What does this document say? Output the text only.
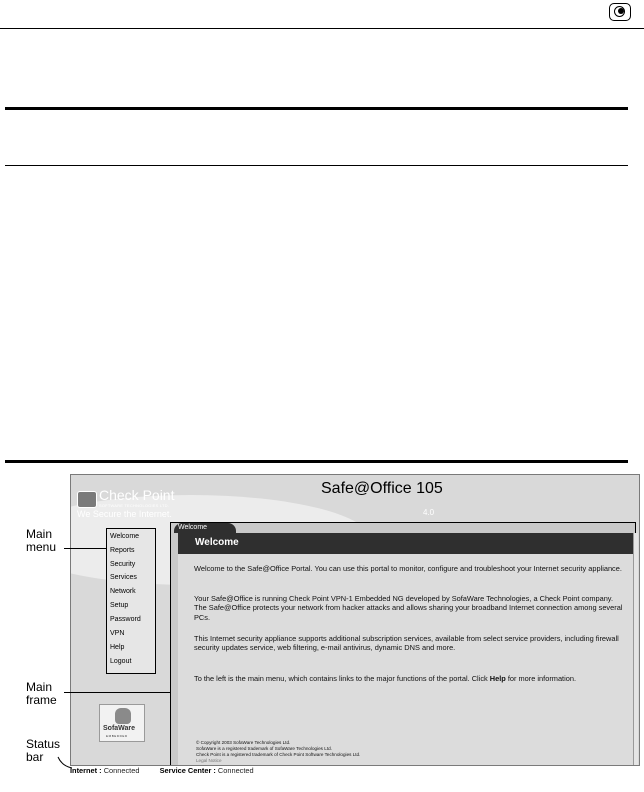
Check Point
SOFTWARE TECHNOLOGIES LTD.
We Secure the Internet.
Safe@Office 105
4.0
Welcome
Reports
Security
Services
Network
Setup
Password
VPN
Help
Logout
SofaWare
EMBEDDED
Welcome
Welcome
Welcome to the Safe@Office Portal. You can use this portal to monitor, configure and troubleshoot your Internet security appliance.
Your Safe@Office is running Check Point VPN-1 Embedded NG developed by SofaWare Technologies, a Check Point company. The Safe@Office protects your network from hacker attacks and allows sharing your broadband Internet connection among several PCs.
This Internet security appliance supports additional subscription services, available from select service providers, including firewall security updates service, web filtering, e-mail antivirus, dynamic DNS and more.
To the left is the main menu, which contains links to the major functions of the portal. Click Help for more information.
© Copyright 2003 SofaWare Technologies Ltd.
SofaWare is a registered trademark of SofaWare Technologies Ltd.
Check Point is a registered trademark of Check Point Software Technologies Ltd.
Legal Notice
Internet : Connected	Service Center : Connected
Main
menu
Main
frame
Status
bar
